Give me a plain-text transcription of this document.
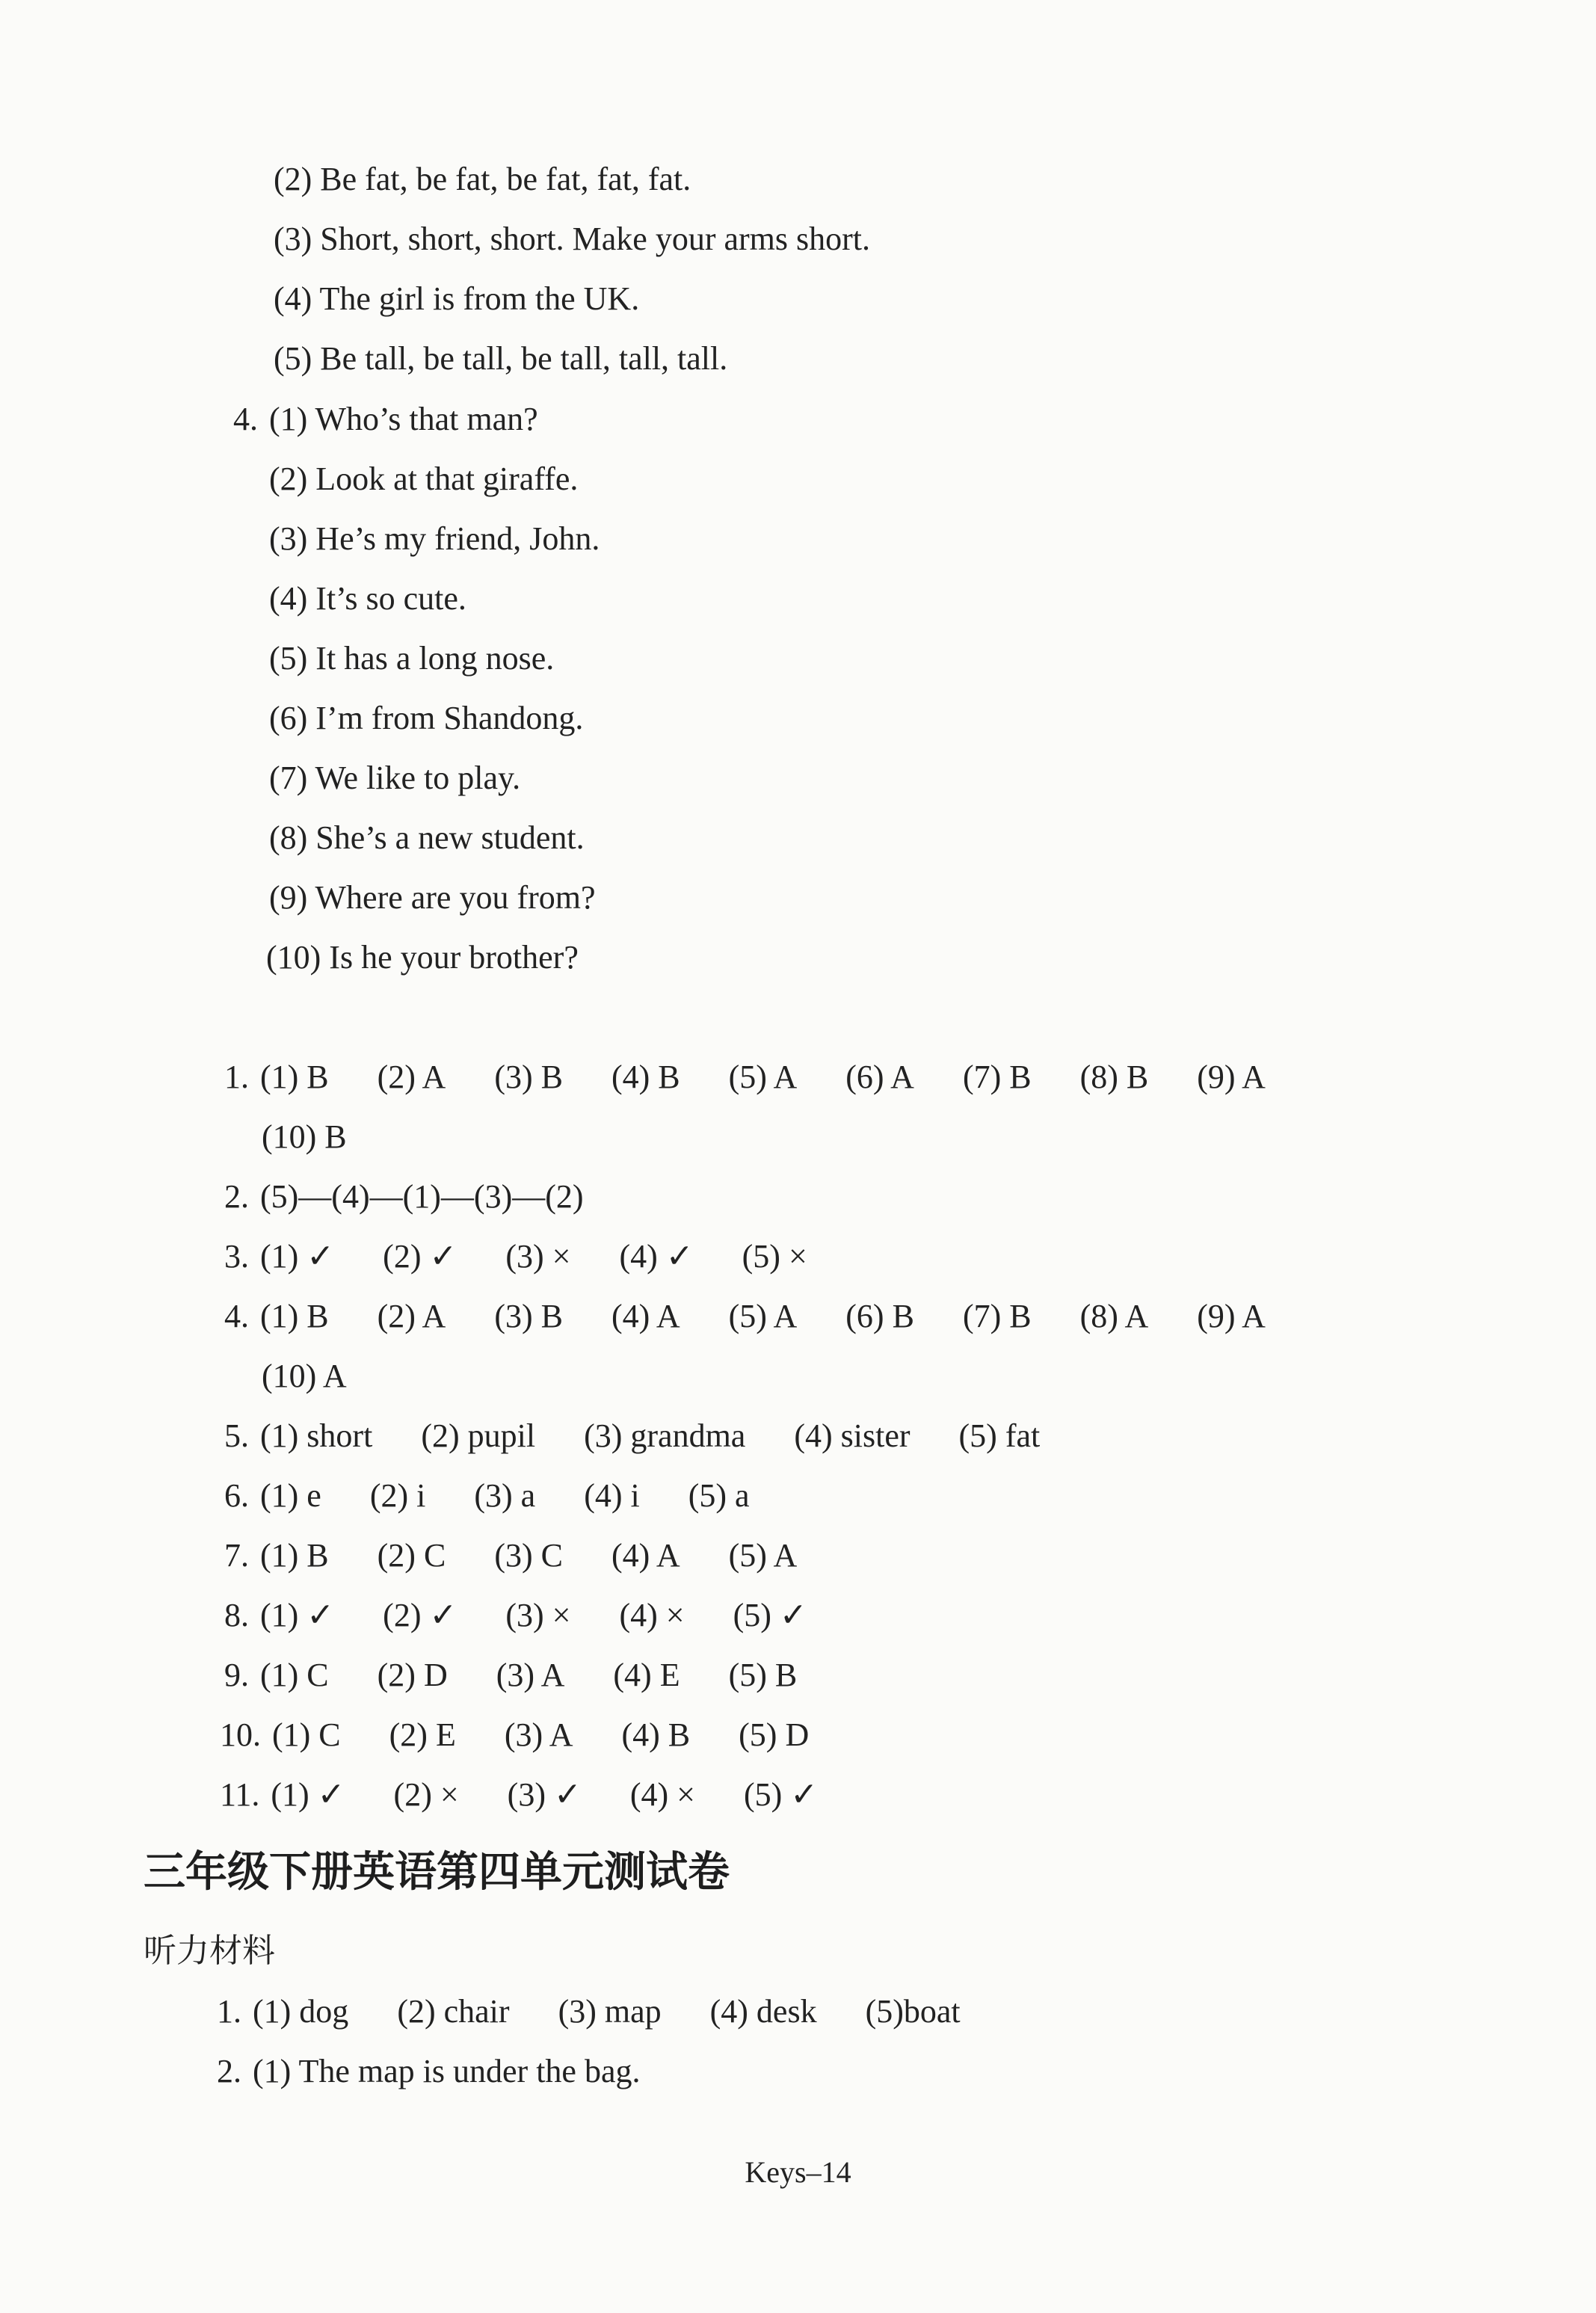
(2) Be fat, be fat, be fat, fat, fat.
(3) Short, short, short. Make your arms short.
(4) The girl is from the UK.
(5) Be tall, be tall, be tall, tall, tall.
4. (1) Who’s that man?
(2) Look at that giraffe.
(3) He’s my friend, John.
(4) It’s so cute.
(5) It has a long nose.
(6) I’m from Shandong.
(7) We like to play.
(8) She’s a new student.
(9) Where are you from?
(10) Is he your brother?
1. (1) B (2) A (3) B (4) B (5) A (6) A (7) B (8) B (9) A
(10) B
2. (5)—(4)—(1)—(3)—(2)
3. (1) ✓ (2) ✓ (3) × (4) ✓ (5) ×
4. (1) B (2) A (3) B (4) A (5) A (6) B (7) B (8) A (9) A
(10) A
5. (1) short (2) pupil (3) grandma (4) sister (5) fat
6. (1) e (2) i (3) a (4) i (5) a
7. (1) B (2) C (3) C (4) A (5) A
8. (1) ✓ (2) ✓ (3) × (4) × (5) ✓
9. (1) C (2) D (3) A (4) E (5) B
10. (1) C (2) E (3) A (4) B (5) D
11. (1) ✓ (2) × (3) ✓ (4) × (5) ✓
三年级下册英语第四单元测试卷
听力材料
1. (1) dog (2) chair (3) map (4) desk (5)boat
2. (1) The map is under the bag.
Keys–14
